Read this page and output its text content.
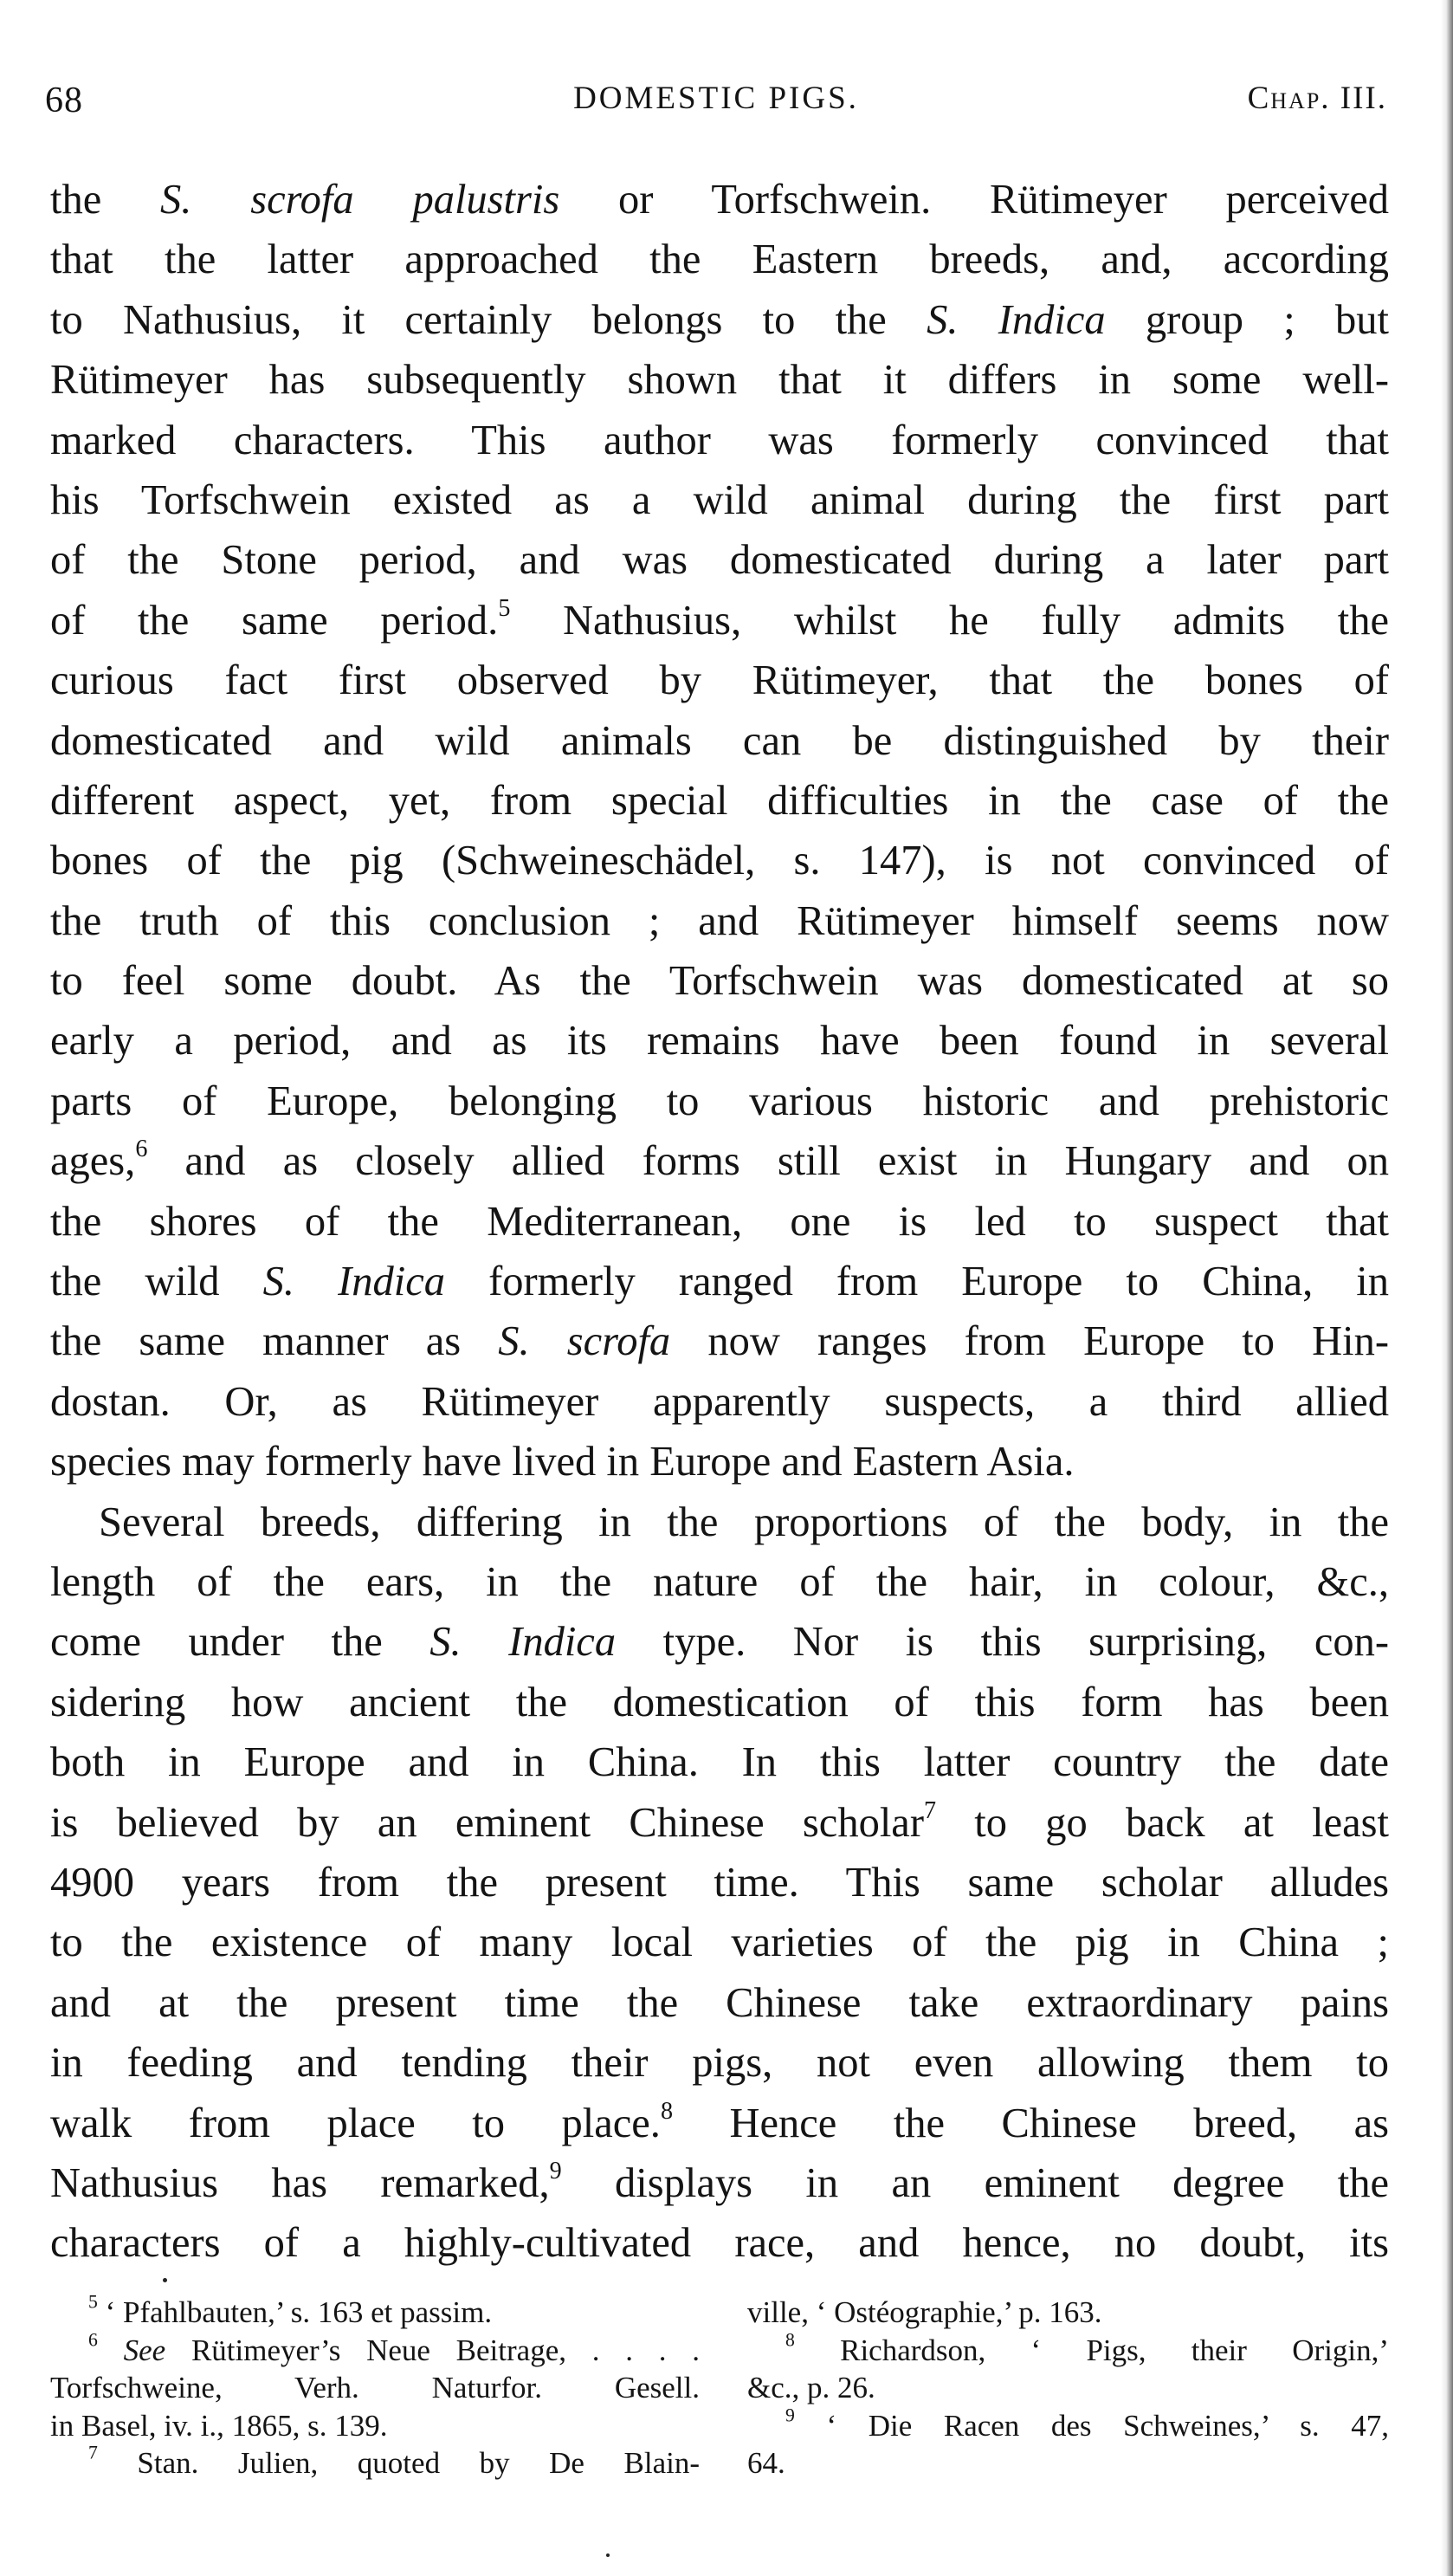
68	DOMESTIC PIGS.	Chap. III.
the S. scrofa palustris or Torfschwein. Rütimeyer perceived
that the latter approached the Eastern breeds, and, according
to Nathusius, it certainly belongs to the S. Indica group ; but
Rütimeyer has subsequently shown that it differs in some well-
marked characters. This author was formerly convinced that
his Torfschwein existed as a wild animal during the first part
of the Stone period, and was domesticated during a later part
of the same period.$^5$ Nathusius, whilst he fully admits the
curious fact first observed by Rütimeyer, that the bones of
domesticated and wild animals can be distinguished by their
different aspect, yet, from special difficulties in the case of the
bones of the pig (Schweineschädel, s. 147), is not convinced of
the truth of this conclusion ; and Rütimeyer himself seems now
to feel some doubt. As the Torfschwein was domesticated at so
early a period, and as its remains have been found in several
parts of Europe, belonging to various historic and prehistoric
ages,$^6$ and as closely allied forms still exist in Hungary and on
the shores of the Mediterranean, one is led to suspect that
the wild S. Indica formerly ranged from Europe to China, in
the same manner as S. scrofa now ranges from Europe to Hin-
dostan. Or, as Rütimeyer apparently suspects, a third allied
species may formerly have lived in Europe and Eastern Asia.
Several breeds, differing in the proportions of the body, in the
length of the ears, in the nature of the hair, in colour, &c.,
come under the S. Indica type. Nor is this surprising, con-
sidering how ancient the domestication of this form has been
both in Europe and in China. In this latter country the date
is believed by an eminent Chinese scholar$^7$ to go back at least
4900 years from the present time. This same scholar alludes
to the existence of many local varieties of the pig in China ;
and at the present time the Chinese take extraordinary pains
in feeding and tending their pigs, not even allowing them to
walk from place to place.$^8$ Hence the Chinese breed, as
Nathusius has remarked,$^9$ displays in an eminent degree the
characters of a highly-cultivated race, and hence, no doubt, its
$^5$ ‘ Pfahlbauten,’ s. 163 et passim.
$^6$ See Rütimeyer’s Neue Beitrage, . . . .
Torfschweine, Verh. Naturfor. Gesell.
in Basel, iv. i., 1865, s. 139.
$^7$ Stan. Julien, quoted by De Blain-
ville, ‘ Ostéographie,’ p. 163.
$^8$ Richardson, ‘ Pigs, their Origin,’
&c., p. 26.
$^9$ ‘ Die Racen des Schweines,’ s. 47,
64.
